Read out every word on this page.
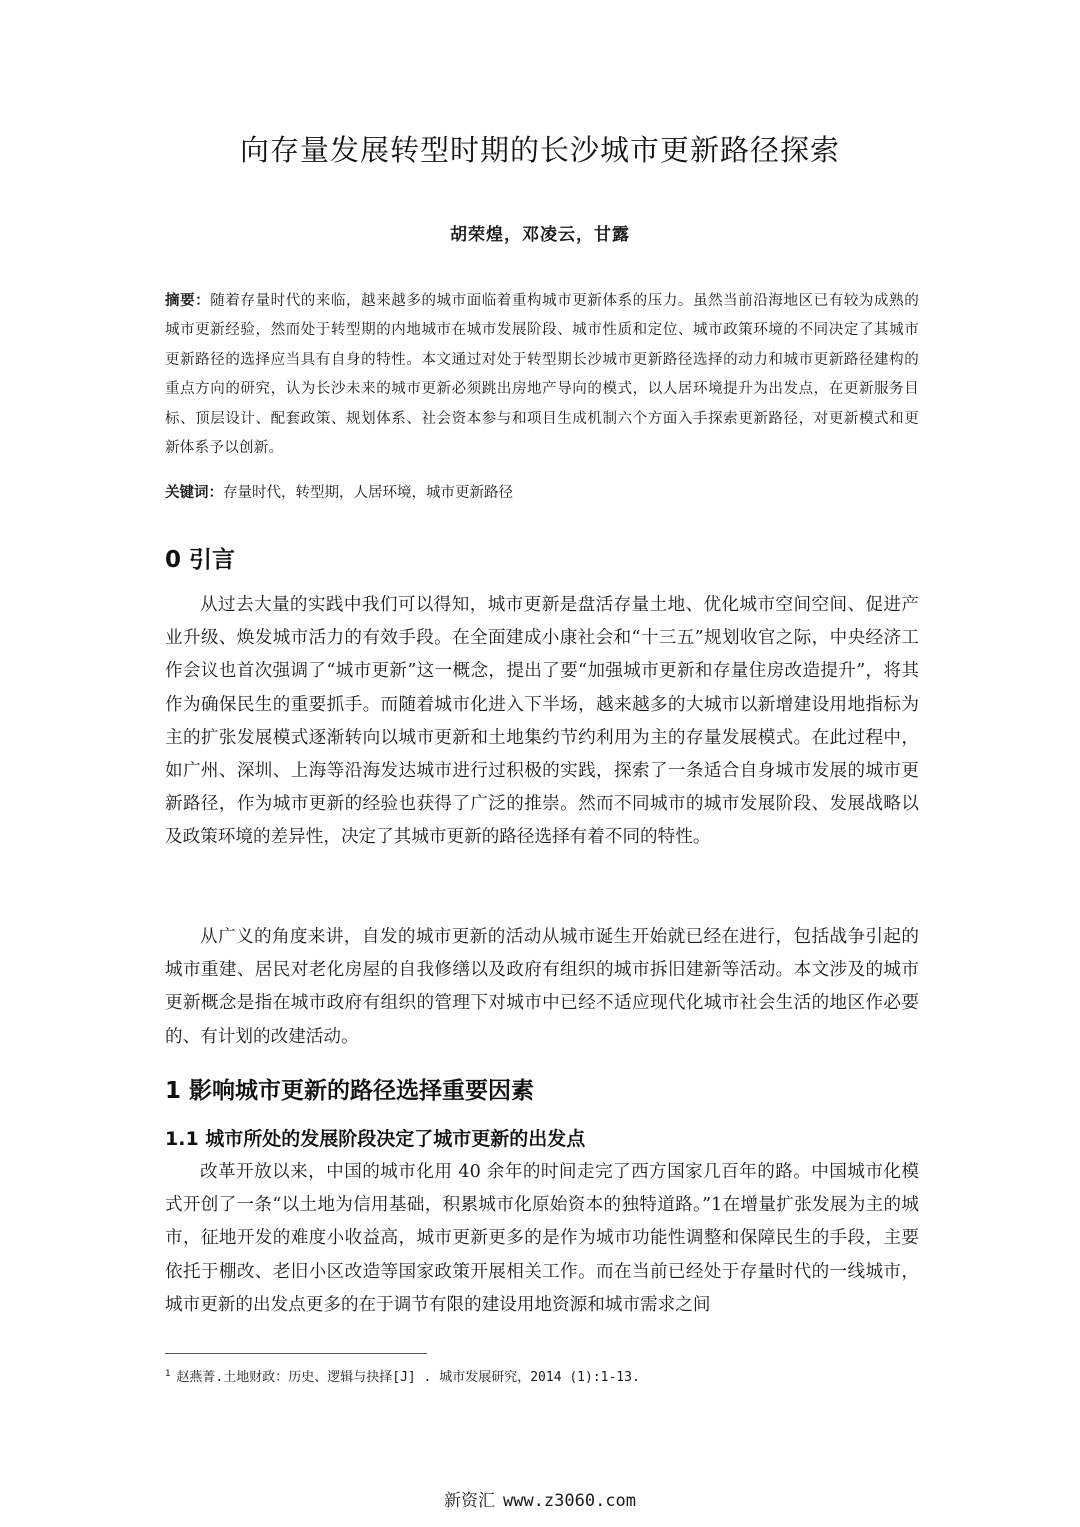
向存量发展转型时期的长沙城市更新路径探索
胡荣煌，邓凌云，甘露
摘要：随着存量时代的来临，越来越多的城市面临着重构城市更新体系的压力。虽然当前沿海地区已有较为成熟的城市更新经验，然而处于转型期的内地城市在城市发展阶段、城市性质和定位、城市政策环境的不同决定了其城市更新路径的选择应当具有自身的特性。本文通过对处于转型期长沙城市更新路径选择的动力和城市更新路径建构的重点方向的研究，认为长沙未来的城市更新必须跳出房地产导向的模式，以人居环境提升为出发点，在更新服务目标、顶层设计、配套政策、规划体系、社会资本参与和项目生成机制六个方面入手探索更新路径，对更新模式和更新体系予以创新。
关键词：存量时代，转型期，人居环境，城市更新路径
0 引言

从过去大量的实践中我们可以得知，城市更新是盘活存量土地、优化城市空间空间、促进产业升级、焕发城市活力的有效手段。在全面建成小康社会和“十三五”规划收官之际，中央经济工作会议也首次强调了“城市更新”这一概念，提出了要“加强城市更新和存量住房改造提升”，将其作为确保民生的重要抓手。而随着城市化进入下半场，越来越多的大城市以新增建设用地指标为主的扩张发展模式逐渐转向以城市更新和土地集约节约利用为主的存量发展模式。在此过程中，如广州、深圳、上海等沿海发达城市进行过积极的实践，探索了一条适合自身城市发展的城市更新路径，作为城市更新的经验也获得了广泛的推崇。然而不同城市的城市发展阶段、发展战略以及政策环境的差异性，决定了其城市更新的路径选择有着不同的特性。

从广义的角度来讲，自发的城市更新的活动从城市诞生开始就已经在进行，包括战争引起的城市重建、居民对老化房屋的自我修缮以及政府有组织的城市拆旧建新等活动。本文涉及的城市更新概念是指在城市政府有组织的管理下对城市中已经不适应现代化城市社会生活的地区作必要的、有计划的改建活动。

1 影响城市更新的路径选择重要因素
1.1 城市所处的发展阶段决定了城市更新的出发点

改革开放以来，中国的城市化用 40 余年的时间走完了西方国家几百年的路。中国城市化模式开创了一条“以土地为信用基础，积累城市化原始资本的独特道路。”1在增量扩张发展为主的城市，征地开发的难度小收益高，城市更新更多的是作为城市功能性调整和保障民生的手段，主要依托于棚改、老旧小区改造等国家政策开展相关工作。而在当前已经处于存量时代的一线城市，城市更新的出发点更多的在于调节有限的建设用地资源和城市需求之间

$^1$ 赵燕菁.土地财政：历史、逻辑与抉择[J] . 城市发展研究，2014 (1):1-13.
新资汇 www.z3060.com
